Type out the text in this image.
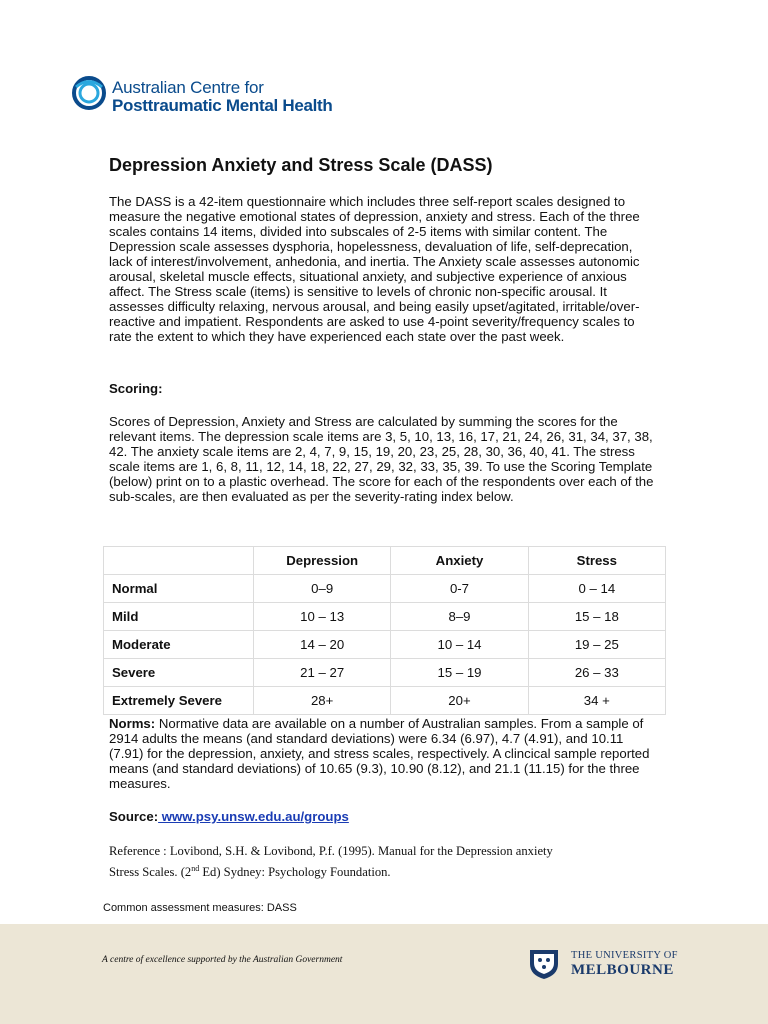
Australian Centre for
Posttraumatic Mental Health
Depression Anxiety and Stress Scale (DASS)

The DASS is a 42-item questionnaire which includes three self-report scales designed to measure the negative emotional states of depression, anxiety and stress. Each of the three scales contains 14 items, divided into subscales of 2-5 items with similar content. The Depression scale assesses dysphoria, hopelessness, devaluation of life, self-deprecation, lack of interest/involvement, anhedonia, and inertia. The Anxiety scale assesses autonomic arousal, skeletal muscle effects, situational anxiety, and subjective experience of anxious affect. The Stress scale (items) is sensitive to levels of chronic non-specific arousal. It assesses difficulty relaxing, nervous arousal, and being easily upset/agitated, irritable/over-reactive and impatient. Respondents are asked to use 4-point severity/frequency scales to rate the extent to which they have experienced each state over the past week.

Scoring:

Scores of Depression, Anxiety and Stress are calculated by summing the scores for the relevant items. The depression scale items are 3, 5, 10, 13, 16, 17, 21, 24, 26, 31, 34, 37, 38, 42. The anxiety scale items are 2, 4, 7, 9, 15, 19, 20, 23, 25, 28, 30, 36, 40, 41. The stress scale items are 1, 6, 8, 11, 12, 14, 18, 22, 27, 29, 32, 33, 35, 39. To use the Scoring Template (below) print on to a plastic overhead. The score for each of the respondents over each of the sub-scales, are then evaluated as per the severity-rating index below.

	Depression	Anxiety	Stress
Normal	0–9	0-7	0 – 14
Mild	10 – 13	8–9	15 – 18
Moderate	14 – 20	10 – 14	19 – 25
Severe	21 – 27	15 – 19	26 – 33
Extremely Severe	28+	20+	34 +

Norms: Normative data are available on a number of Australian samples. From a sample of 2914 adults the means (and standard deviations) were 6.34 (6.97), 4.7 (4.91), and 10.11 (7.91) for the depression, anxiety, and stress scales, respectively. A clincical sample reported means (and standard deviations) of 10.65 (9.3), 10.90 (8.12), and 21.1 (11.15) for the three measures.

Source: www.psy.unsw.edu.au/groups

Reference : Lovibond, S.H. & Lovibond, P.f. (1995). Manual for the Depression anxiety
Stress Scales. (2nd Ed) Sydney: Psychology Foundation.

Common assessment measures: DASS
A centre of excellence supported by the Australian Government	THE UNIVERSITY OF
MELBOURNE
